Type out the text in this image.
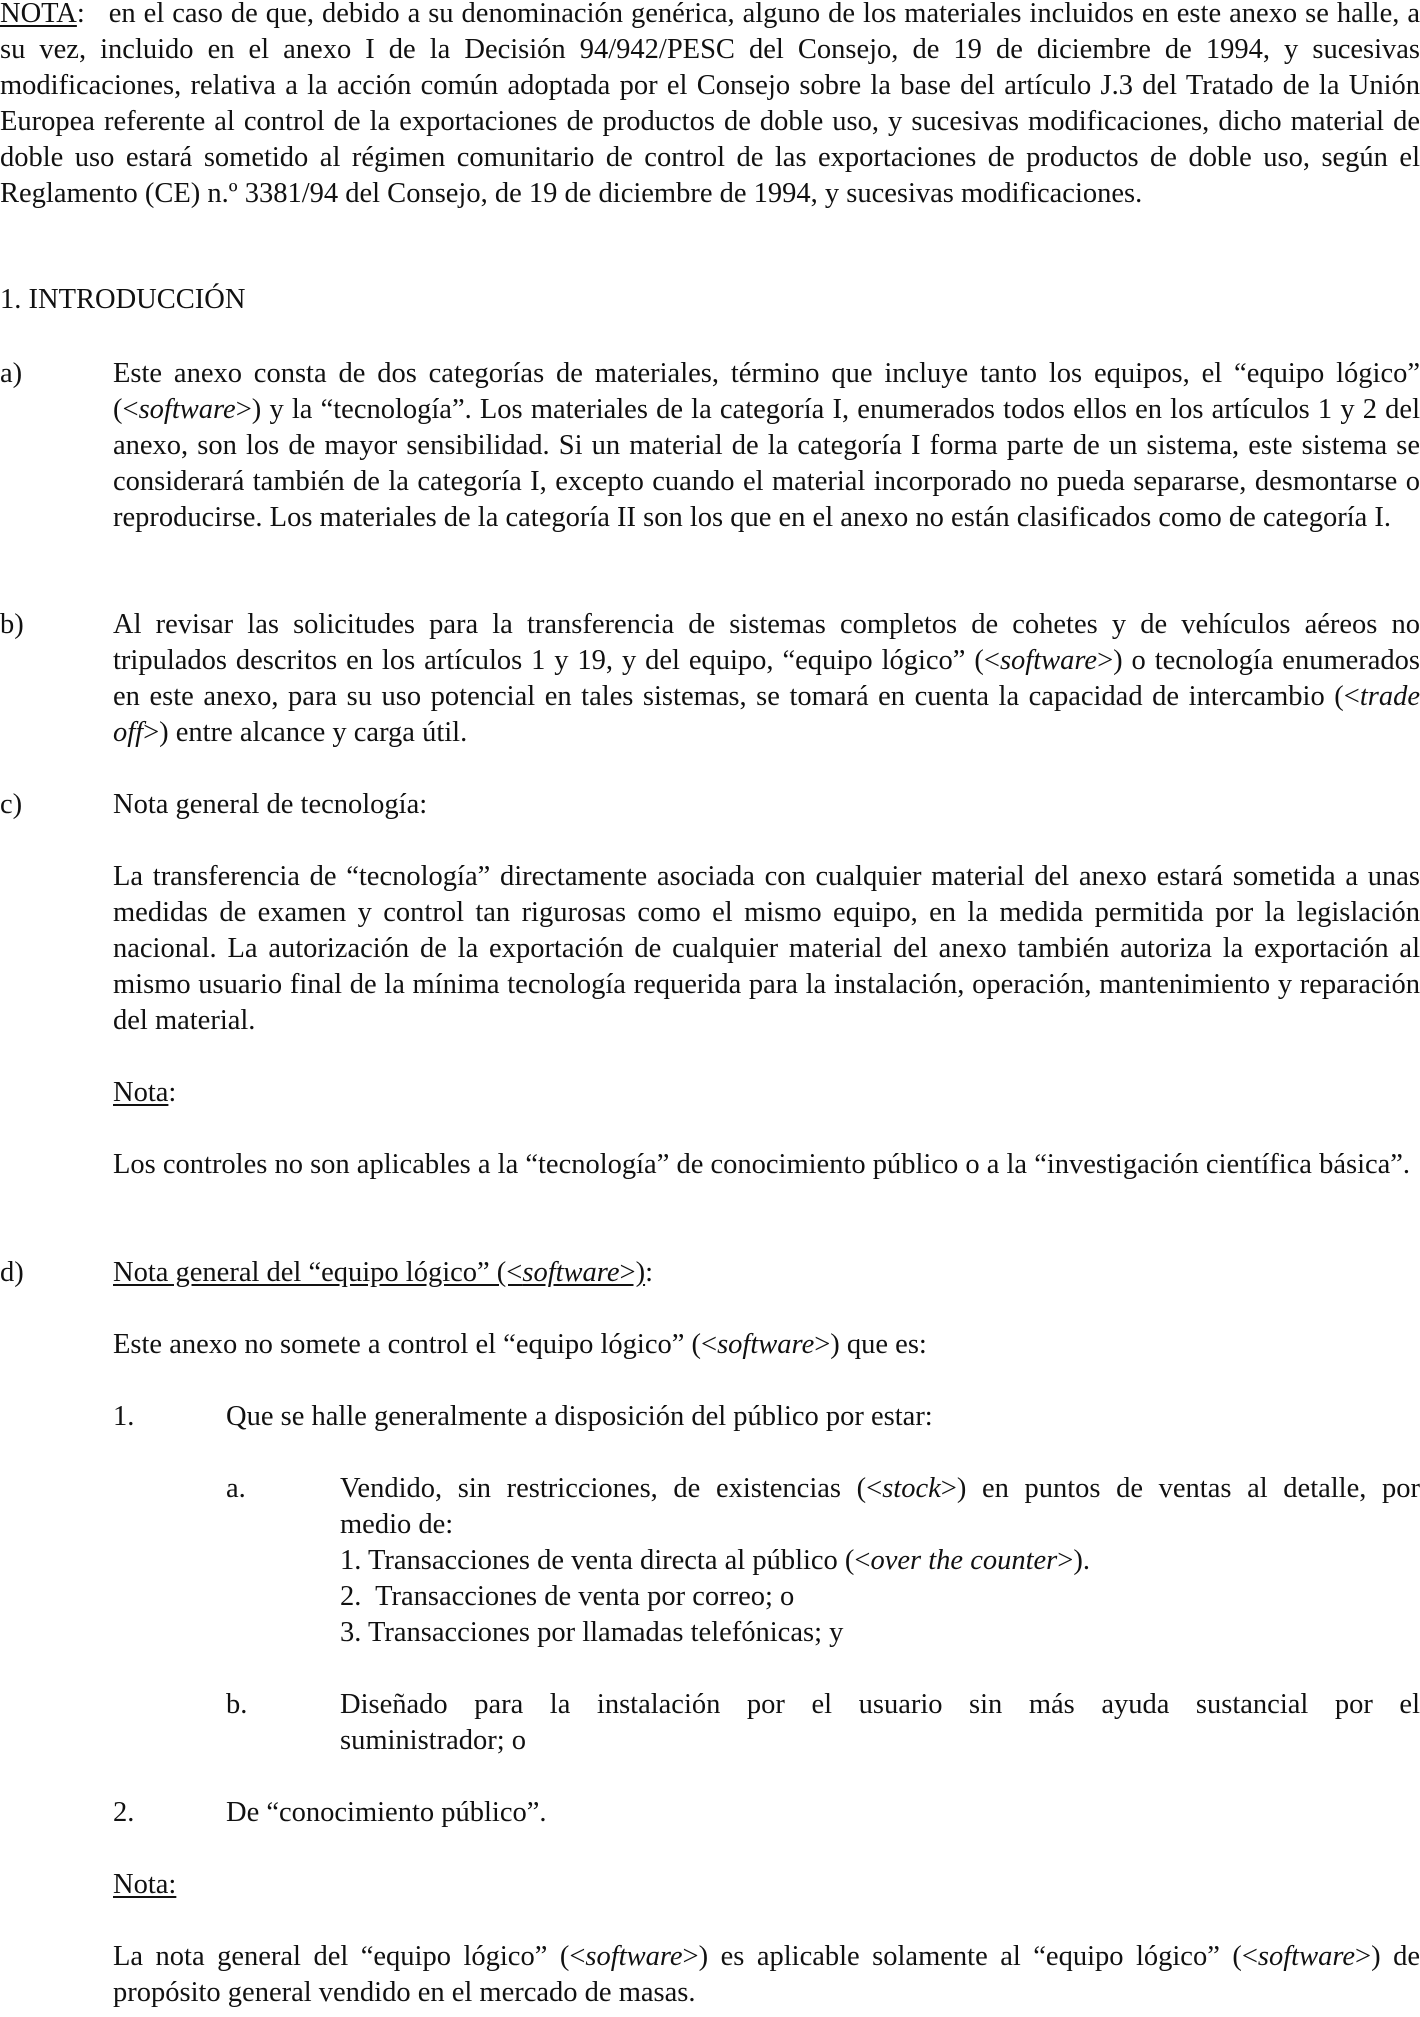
NOTA: en el caso de que, debido a su denominación genérica, alguno de los materiales incluidos en este anexo se halle, a su vez, incluido en el anexo I de la Decisión 94/942/PESC del Consejo, de 19 de diciembre de 1994, y sucesivas modificaciones, relativa a la acción común adoptada por el Consejo sobre la base del artículo J.3 del Tratado de la Unión Europea referente al control de la exportaciones de productos de doble uso, y sucesivas modificaciones, dicho material de doble uso estará sometido al régimen comunitario de control de las exportaciones de productos de doble uso, según el Reglamento (CE) n.º 3381/94 del Consejo, de 19 de diciembre de 1994, y sucesivas modificaciones.

1. INTRODUCCIÓN

a)	Este anexo consta de dos categorías de materiales, término que incluye tanto los equipos, el “equipo lógico” (<software>) y la “tecnología”. Los materiales de la categoría I, enumerados todos ellos en los artículos 1 y 2 del anexo, son los de mayor sensibilidad. Si un material de la categoría I forma parte de un sistema, este sistema se considerará también de la categoría I, excepto cuando el material incorporado no pueda separarse, desmontarse o reproducirse. Los materiales de la categoría II son los que en el anexo no están clasificados como de categoría I.

b)	Al revisar las solicitudes para la transferencia de sistemas completos de cohetes y de vehículos aéreos no tripulados descritos en los artículos 1 y 19, y del equipo, “equipo lógico” (<software>) o tecnología enumerados en este anexo, para su uso potencial en tales sistemas, se tomará en cuenta la capacidad de intercambio (<trade off>) entre alcance y carga útil.

c)	Nota general de tecnología:

La transferencia de “tecnología” directamente asociada con cualquier material del anexo estará sometida a unas medidas de examen y control tan rigurosas como el mismo equipo, en la medida permitida por la legislación nacional. La autorización de la exportación de cualquier material del anexo también autoriza la exportación al mismo usuario final de la mínima tecnología requerida para la instalación, operación, mantenimiento y reparación del material.

Nota:

Los controles no son aplicables a la “tecnología” de conocimiento público o a la “investigación científica básica”.

d)	Nota general del “equipo lógico” (<software>):

Este anexo no somete a control el “equipo lógico” (<software>) que es:

1.	Que se halle generalmente a disposición del público por estar:

a.	Vendido, sin restricciones, de existencias (<stock>) en puntos de ventas al detalle, por

medio de:

1. Transacciones de venta directa al público (<over the counter>).

2.  Transacciones de venta por correo; o

3. Transacciones por llamadas telefónicas; y

b.	Diseñado para la instalación por el usuario sin más ayuda sustancial por el

suministrador; o

2.	De “conocimiento público”.

Nota:

La nota general del “equipo lógico” (<software>) es aplicable solamente al “equipo lógico” (<software>) de propósito general vendido en el mercado de masas.
